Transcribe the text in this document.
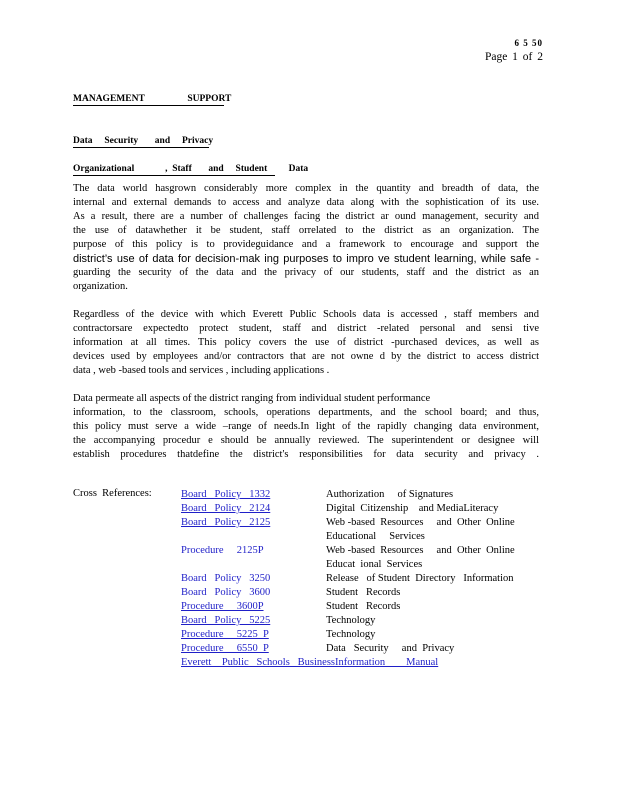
6 5 50
Page 1 of 2
MANAGEMENT                  SUPPORT
Data     Security       and     Privacy
Organizational             ,  Staff       and     Student         Data
The data world hasgrown considerably more complex in the quantity and breadth of data, the
internal and external demands to access and analyze data along with the sophistication of its use.
As a result, there are a number of challenges facing the district ar ound management, security and
the use of datawhether it be student, staff orrelated to the district as an organization. The
purpose of this policy is to provideguidance and a framework to encourage and support the
district’s use of data for decision-mak ing purposes to impro ve student learning, while safe -
guarding the security of the data and the privacy of our students, staff and the district as an
organization.
Regardless of the device with which Everett Public Schools data is accessed , staff members and
contractorsare expectedto protect student, staff and district -related personal and sensi tive
information at all times. This policy covers the use of district -purchased devices, as well as
devices used by employees and/or contractors that are not owne d by the district to access district
data , web -based tools and services , including applications .
Data permeate all aspects of the district ranging from individual student performance
information, to the classroom, schools, operations departments, and the school board; and thus,
this policy must serve a wide –range of needs.In light of the rapidly changing data environment,
the accompanying procedur e should be annually reviewed. The superintendent or designee will
establish procedures thatdefine the district's responsibilities for data security and privacy .
Cross  References:	Board   Policy   1332	Authorization     of Signatures
Board   Policy   2124	Digital  Citizenship    and MediaLiteracy
Board   Policy   2125	Web -based  Resources     and  Other  Online
Educational     Services
Procedure     2125P	Web -based  Resources     and  Other  Online
Educat  ional  Services
Board   Policy   3250	Release   of Student  Directory   Information
Board   Policy   3600	Student   Records
Procedure     3600P	Student   Records
Board   Policy   5225	Technology
Procedure     5225  P	Technology
Procedure     6550  P	Data   Security     and  Privacy
Everett    Public   Schools   BusinessInformation        Manual
